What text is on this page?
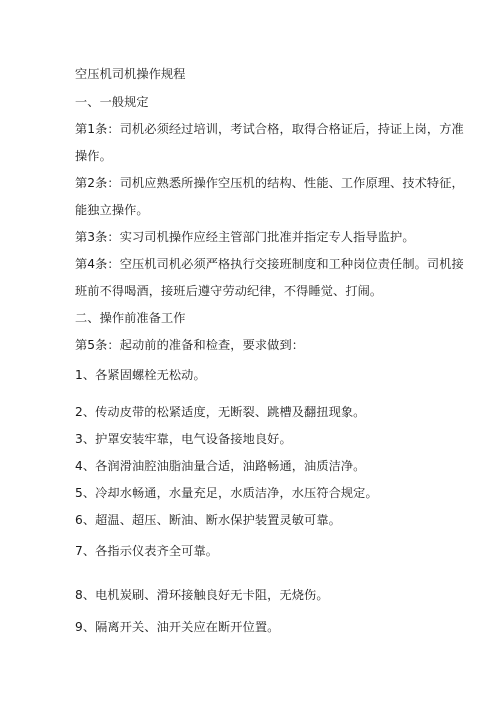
空压机司机操作规程
一、一般规定
第1条：司机必须经过培训，考试合格，取得合格证后，持证上岗，方准
操作。
第2条：司机应熟悉所操作空压机的结构、性能、工作原理、技术特征，
能独立操作。
第3条：实习司机操作应经主管部门批准并指定专人指导监护。
第4条：空压机司机必须严格执行交接班制度和工种岗位责任制。司机接
班前不得喝酒，接班后遵守劳动纪律，不得睡觉、打闹。
二、操作前准备工作
第5条：起动前的准备和检查，要求做到：
1、各紧固螺栓无松动。
2、传动皮带的松紧适度，无断裂、跳槽及翻扭现象。
3、护罩安装牢靠，电气设备接地良好。
4、各润滑油腔油脂油量合适，油路畅通，油质洁净。
5、冷却水畅通，水量充足，水质洁净，水压符合规定。
6、超温、超压、断油、断水保护装置灵敏可靠。
7、各指示仪表齐全可靠。
8、电机炭刷、滑环接触良好无卡阻，无烧伤。
9、隔离开关、油开关应在断开位置。
